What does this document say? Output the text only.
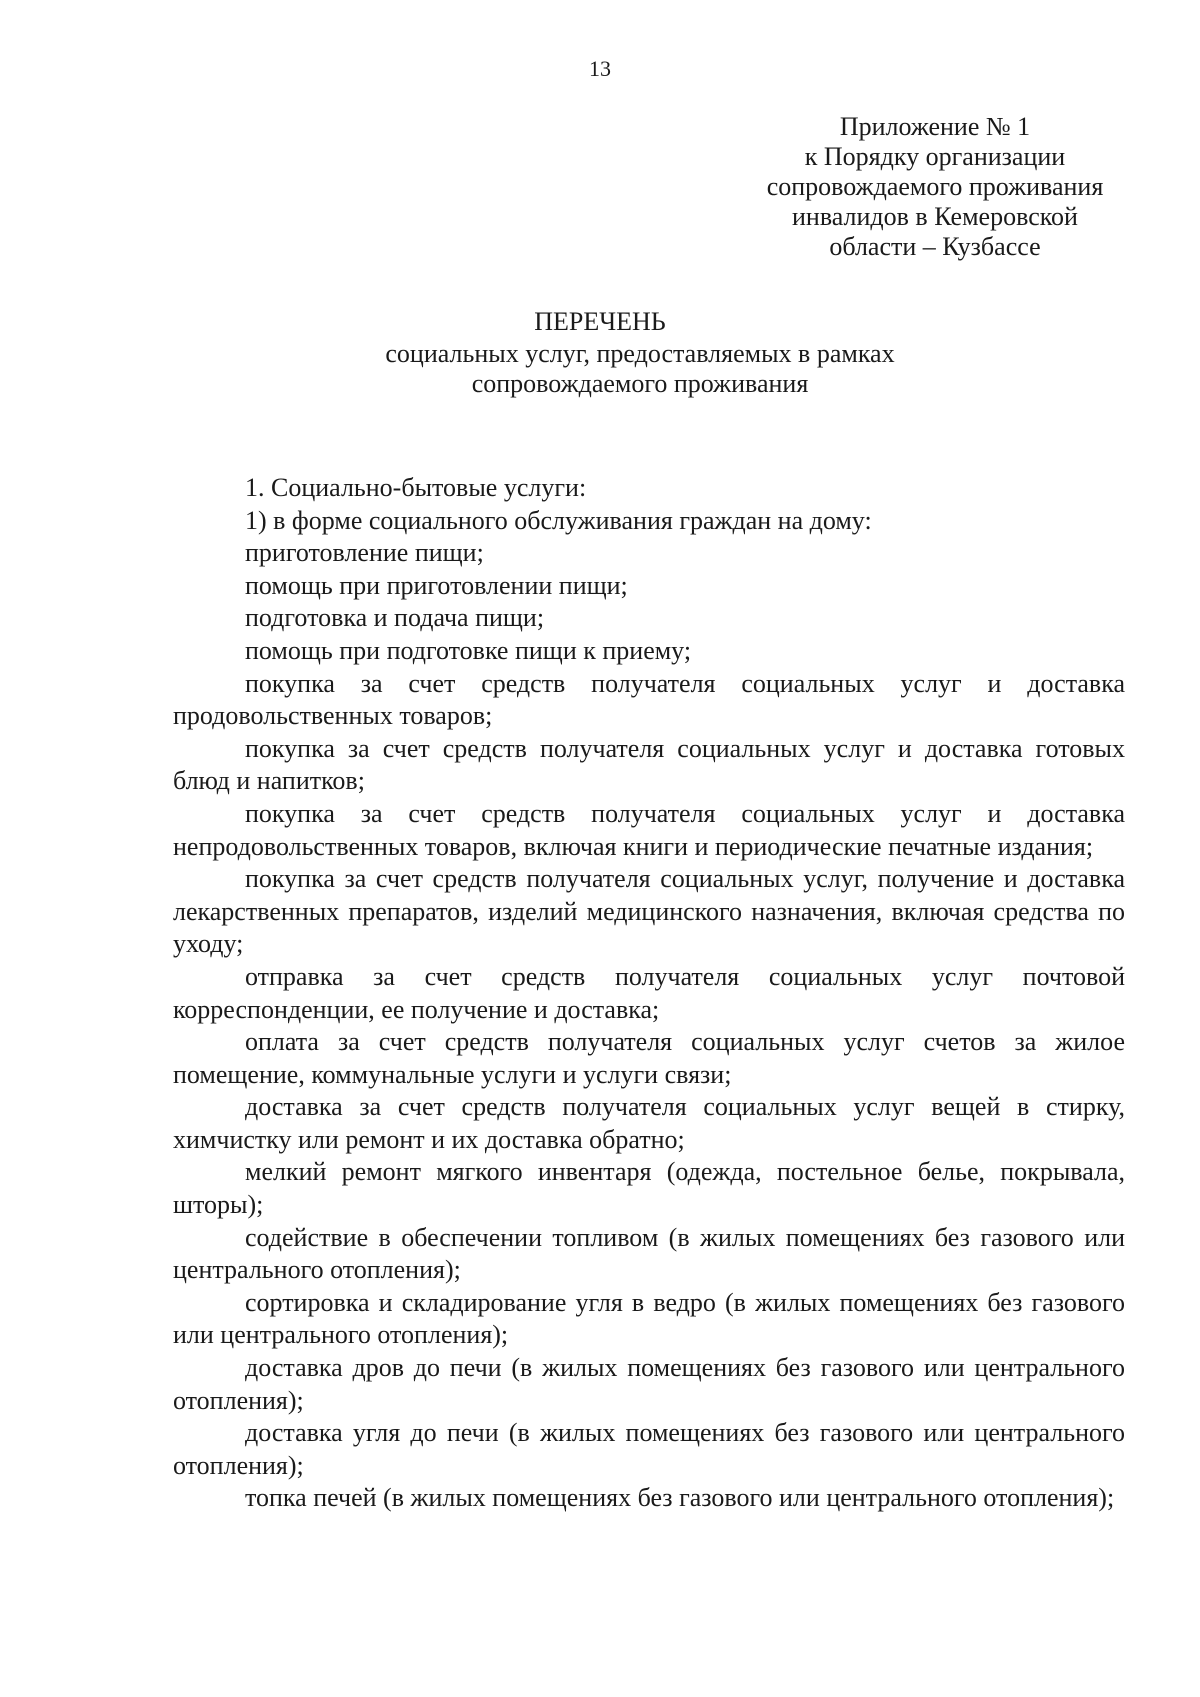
13
Приложение № 1
к Порядку организации
сопровождаемого проживания
инвалидов в Кемеровской
области – Кузбассе
ПЕРЕЧЕНЬ
социальных услуг, предоставляемых в рамках
сопровождаемого проживания

1. Социально-бытовые услуги:

1) в форме социального обслуживания граждан на дому:

приготовление пищи;

помощь при приготовлении пищи;

подготовка и подача пищи;

помощь при подготовке пищи к приему;

покупка за счет средств получателя социальных услуг и доставка продовольственных товаров;

покупка за счет средств получателя социальных услуг и доставка готовых блюд и напитков;

покупка за счет средств получателя социальных услуг и доставка непродовольственных товаров, включая книги и периодические печатные издания;

покупка за счет средств получателя социальных услуг, получение и доставка лекарственных препаратов, изделий медицинского назначения, включая средства по уходу;

отправка за счет средств получателя социальных услуг почтовой корреспонденции, ее получение и доставка;

оплата за счет средств получателя социальных услуг счетов за жилое помещение, коммунальные услуги и услуги связи;

доставка за счет средств получателя социальных услуг вещей в стирку, химчистку или ремонт и их доставка обратно;

мелкий ремонт мягкого инвентаря (одежда, постельное белье, покрывала, шторы);

содействие в обеспечении топливом (в жилых помещениях без газового или центрального отопления);

сортировка и складирование угля в ведро (в жилых помещениях без газового или центрального отопления);

доставка дров до печи (в жилых помещениях без газового или центрального отопления);

доставка угля до печи (в жилых помещениях без газового или центрального отопления);

топка печей (в жилых помещениях без газового или центрального отопления);
